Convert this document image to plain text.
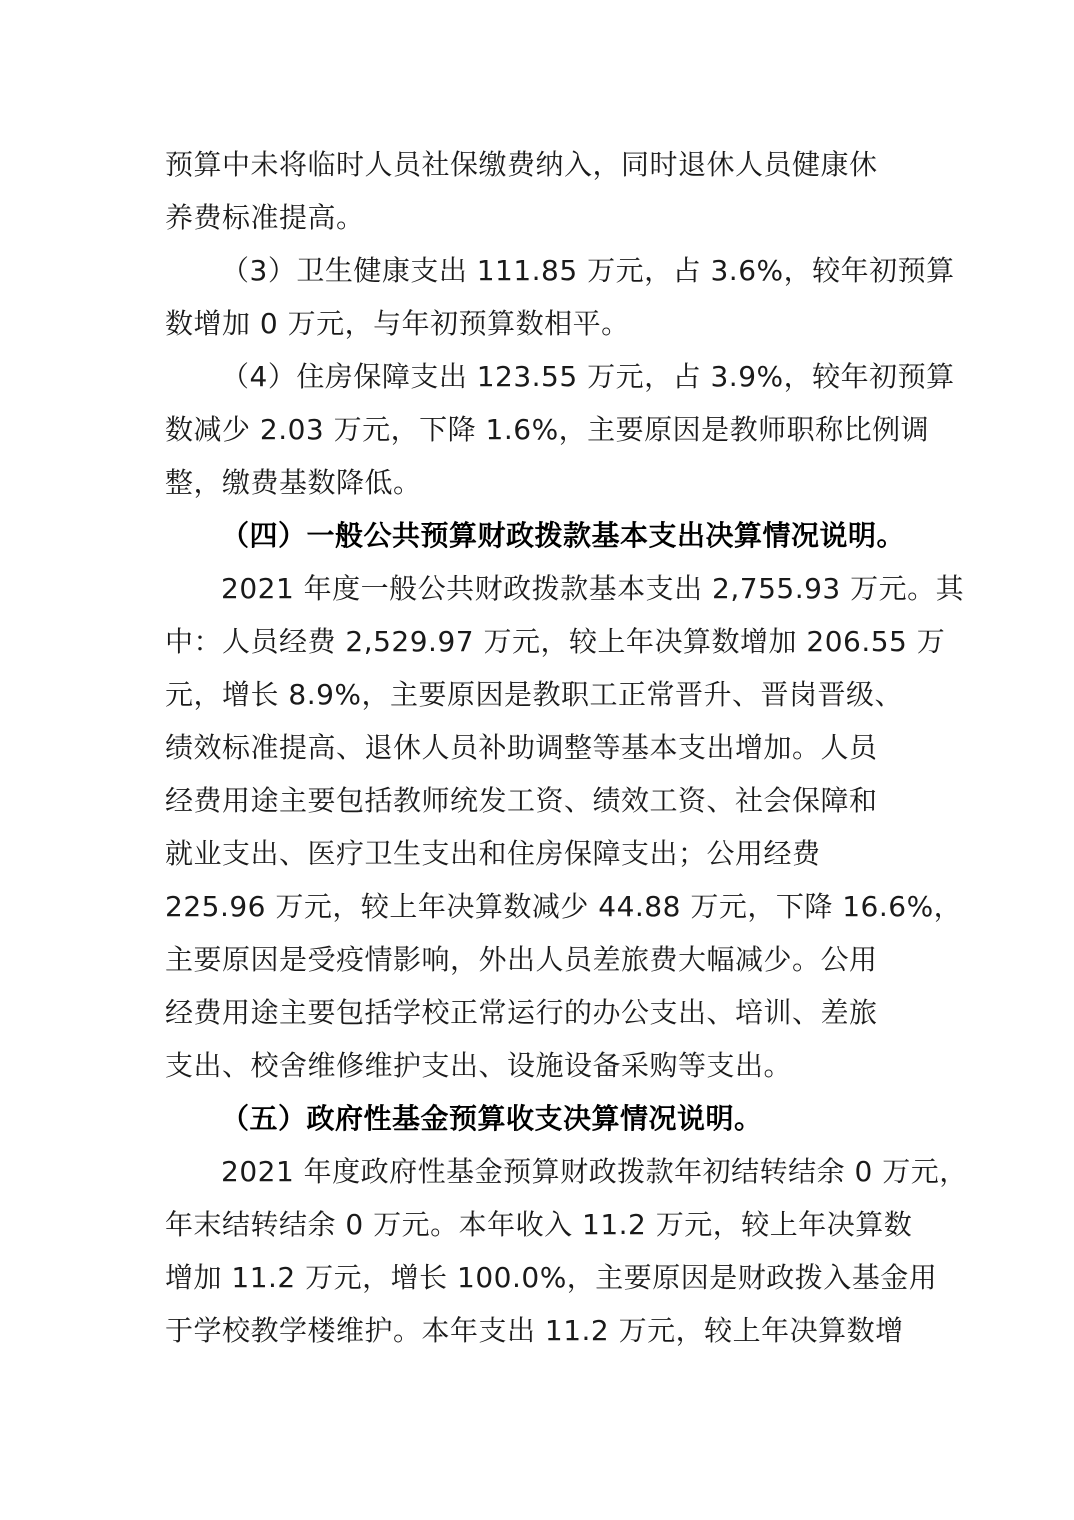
预算中未将临时人员社保缴费纳入，同时退休人员健康休
养费标准提高。
（3）卫生健康支出 111.85 万元，占 3.6%，较年初预算
数增加 0 万元，与年初预算数相平。
（4）住房保障支出 123.55 万元，占 3.9%，较年初预算
数减少 2.03 万元，下降 1.6%，主要原因是教师职称比例调
整，缴费基数降低。
（四）一般公共预算财政拨款基本支出决算情况说明。
2021 年度一般公共财政拨款基本支出 2,755.93 万元。其
中：人员经费 2,529.97 万元，较上年决算数增加 206.55 万
元，增长 8.9%，主要原因是教职工正常晋升、晋岗晋级、
绩效标准提高、退休人员补助调整等基本支出增加。人员
经费用途主要包括教师统发工资、绩效工资、社会保障和
就业支出、医疗卫生支出和住房保障支出；公用经费
225.96 万元，较上年决算数减少 44.88 万元，下降 16.6%，
主要原因是受疫情影响，外出人员差旅费大幅减少。公用
经费用途主要包括学校正常运行的办公支出、培训、差旅
支出、校舍维修维护支出、设施设备采购等支出。
（五）政府性基金预算收支决算情况说明。
2021 年度政府性基金预算财政拨款年初结转结余 0 万元，
年末结转结余 0 万元。本年收入 11.2 万元，较上年决算数
增加 11.2 万元，增长 100.0%，主要原因是财政拨入基金用
于学校教学楼维护。本年支出 11.2 万元，较上年决算数增
